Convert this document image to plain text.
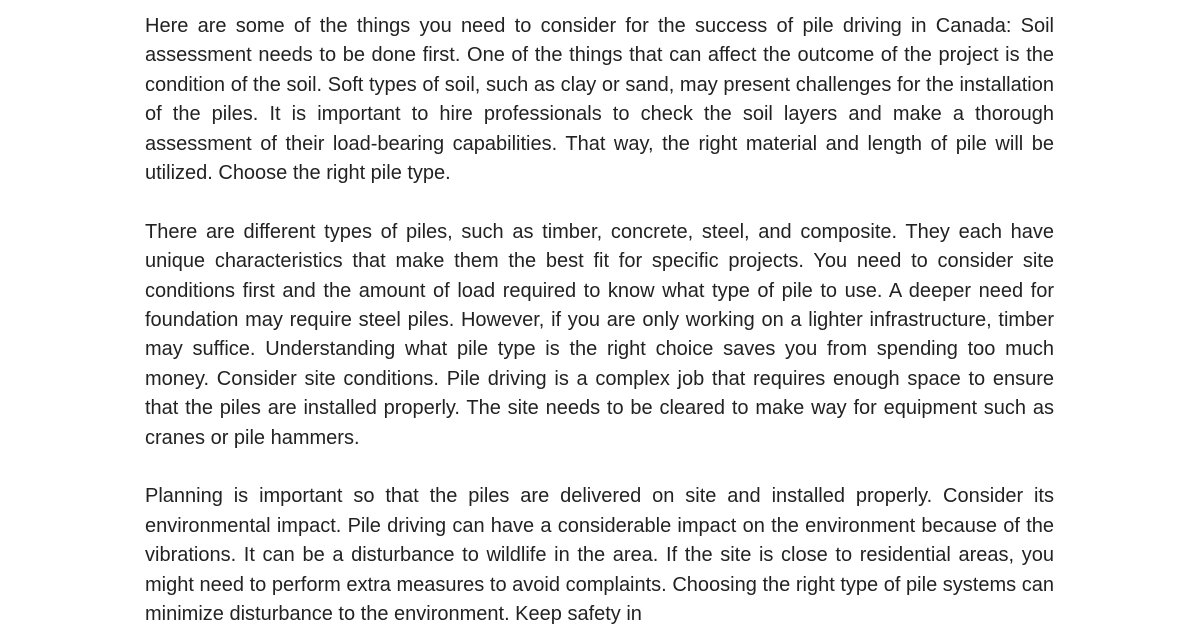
Here are some of the things you need to consider for the success of pile driving in Canada: Soil assessment needs to be done first. One of the things that can affect the outcome of the project is the condition of the soil. Soft types of soil, such as clay or sand, may present challenges for the installation of the piles. It is important to hire professionals to check the soil layers and make a thorough assessment of their load-bearing capabilities. That way, the right material and length of pile will be utilized. Choose the right pile type.

There are different types of piles, such as timber, concrete, steel, and composite. They each have unique characteristics that make them the best fit for specific projects. You need to consider site conditions first and the amount of load required to know what type of pile to use. A deeper need for foundation may require steel piles. However, if you are only working on a lighter infrastructure, timber may suffice. Understanding what pile type is the right choice saves you from spending too much money. Consider site conditions. Pile driving is a complex job that requires enough space to ensure that the piles are installed properly. The site needs to be cleared to make way for equipment such as cranes or pile hammers.

Planning is important so that the piles are delivered on site and installed properly. Consider its environmental impact. Pile driving can have a considerable impact on the environment because of the vibrations. It can be a disturbance to wildlife in the area. If the site is close to residential areas, you might need to perform extra measures to avoid complaints. Choosing the right type of pile systems can minimize disturbance to the environment. Keep safety in
